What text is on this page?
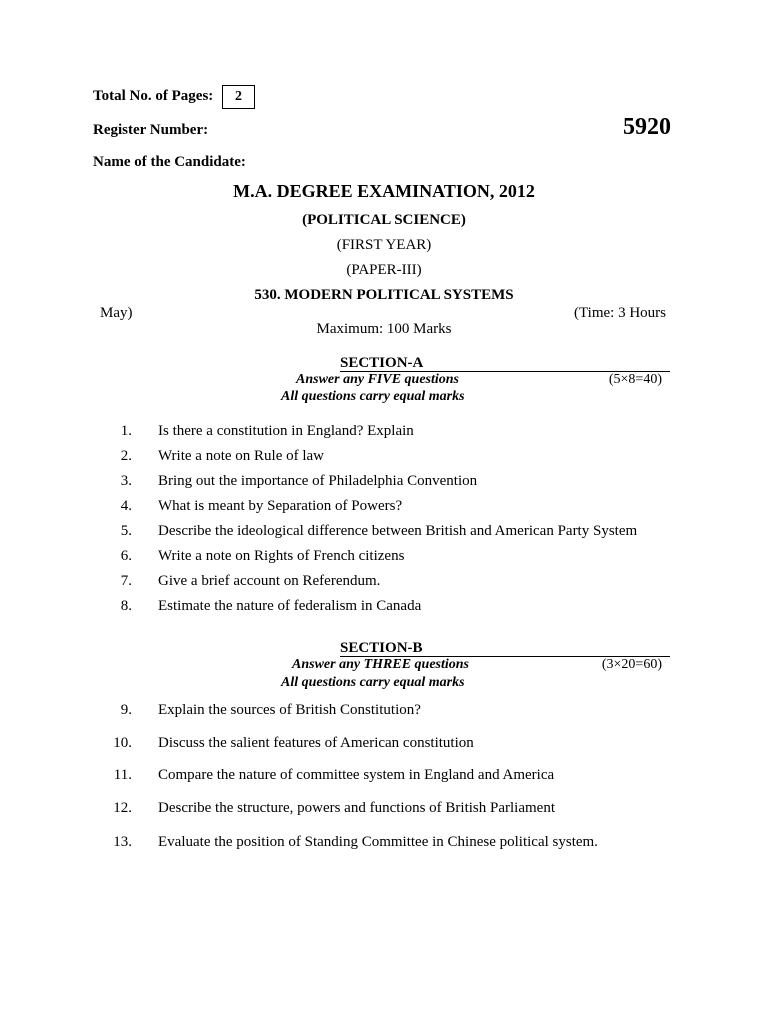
Total No. of Pages:	2
Register Number:	5920
Name of the Candidate:
M.A. DEGREE EXAMINATION, 2012
(POLITICAL SCIENCE)
(FIRST YEAR)
(PAPER-III)
530. MODERN POLITICAL SYSTEMS
May)	(Time: 3 Hours
Maximum: 100 Marks
SECTION-A
Answer any FIVE questions	(5×8=40)
All questions carry equal marks
1. Is there a constitution in England? Explain
2. Write a note on Rule of law
3. Bring out the importance of Philadelphia Convention
4. What is meant by Separation of Powers?
5. Describe the ideological difference between British and American Party System
6. Write a note on Rights of French citizens
7. Give a brief account on Referendum.
8. Estimate the nature of federalism in Canada
SECTION-B
Answer any THREE questions	(3×20=60)
All questions carry equal marks
9. Explain the sources of British Constitution?
10. Discuss the salient features of American constitution
11. Compare the nature of committee system in England and America
12. Describe the structure, powers and functions of British Parliament
13. Evaluate the position of Standing Committee in Chinese political system.
